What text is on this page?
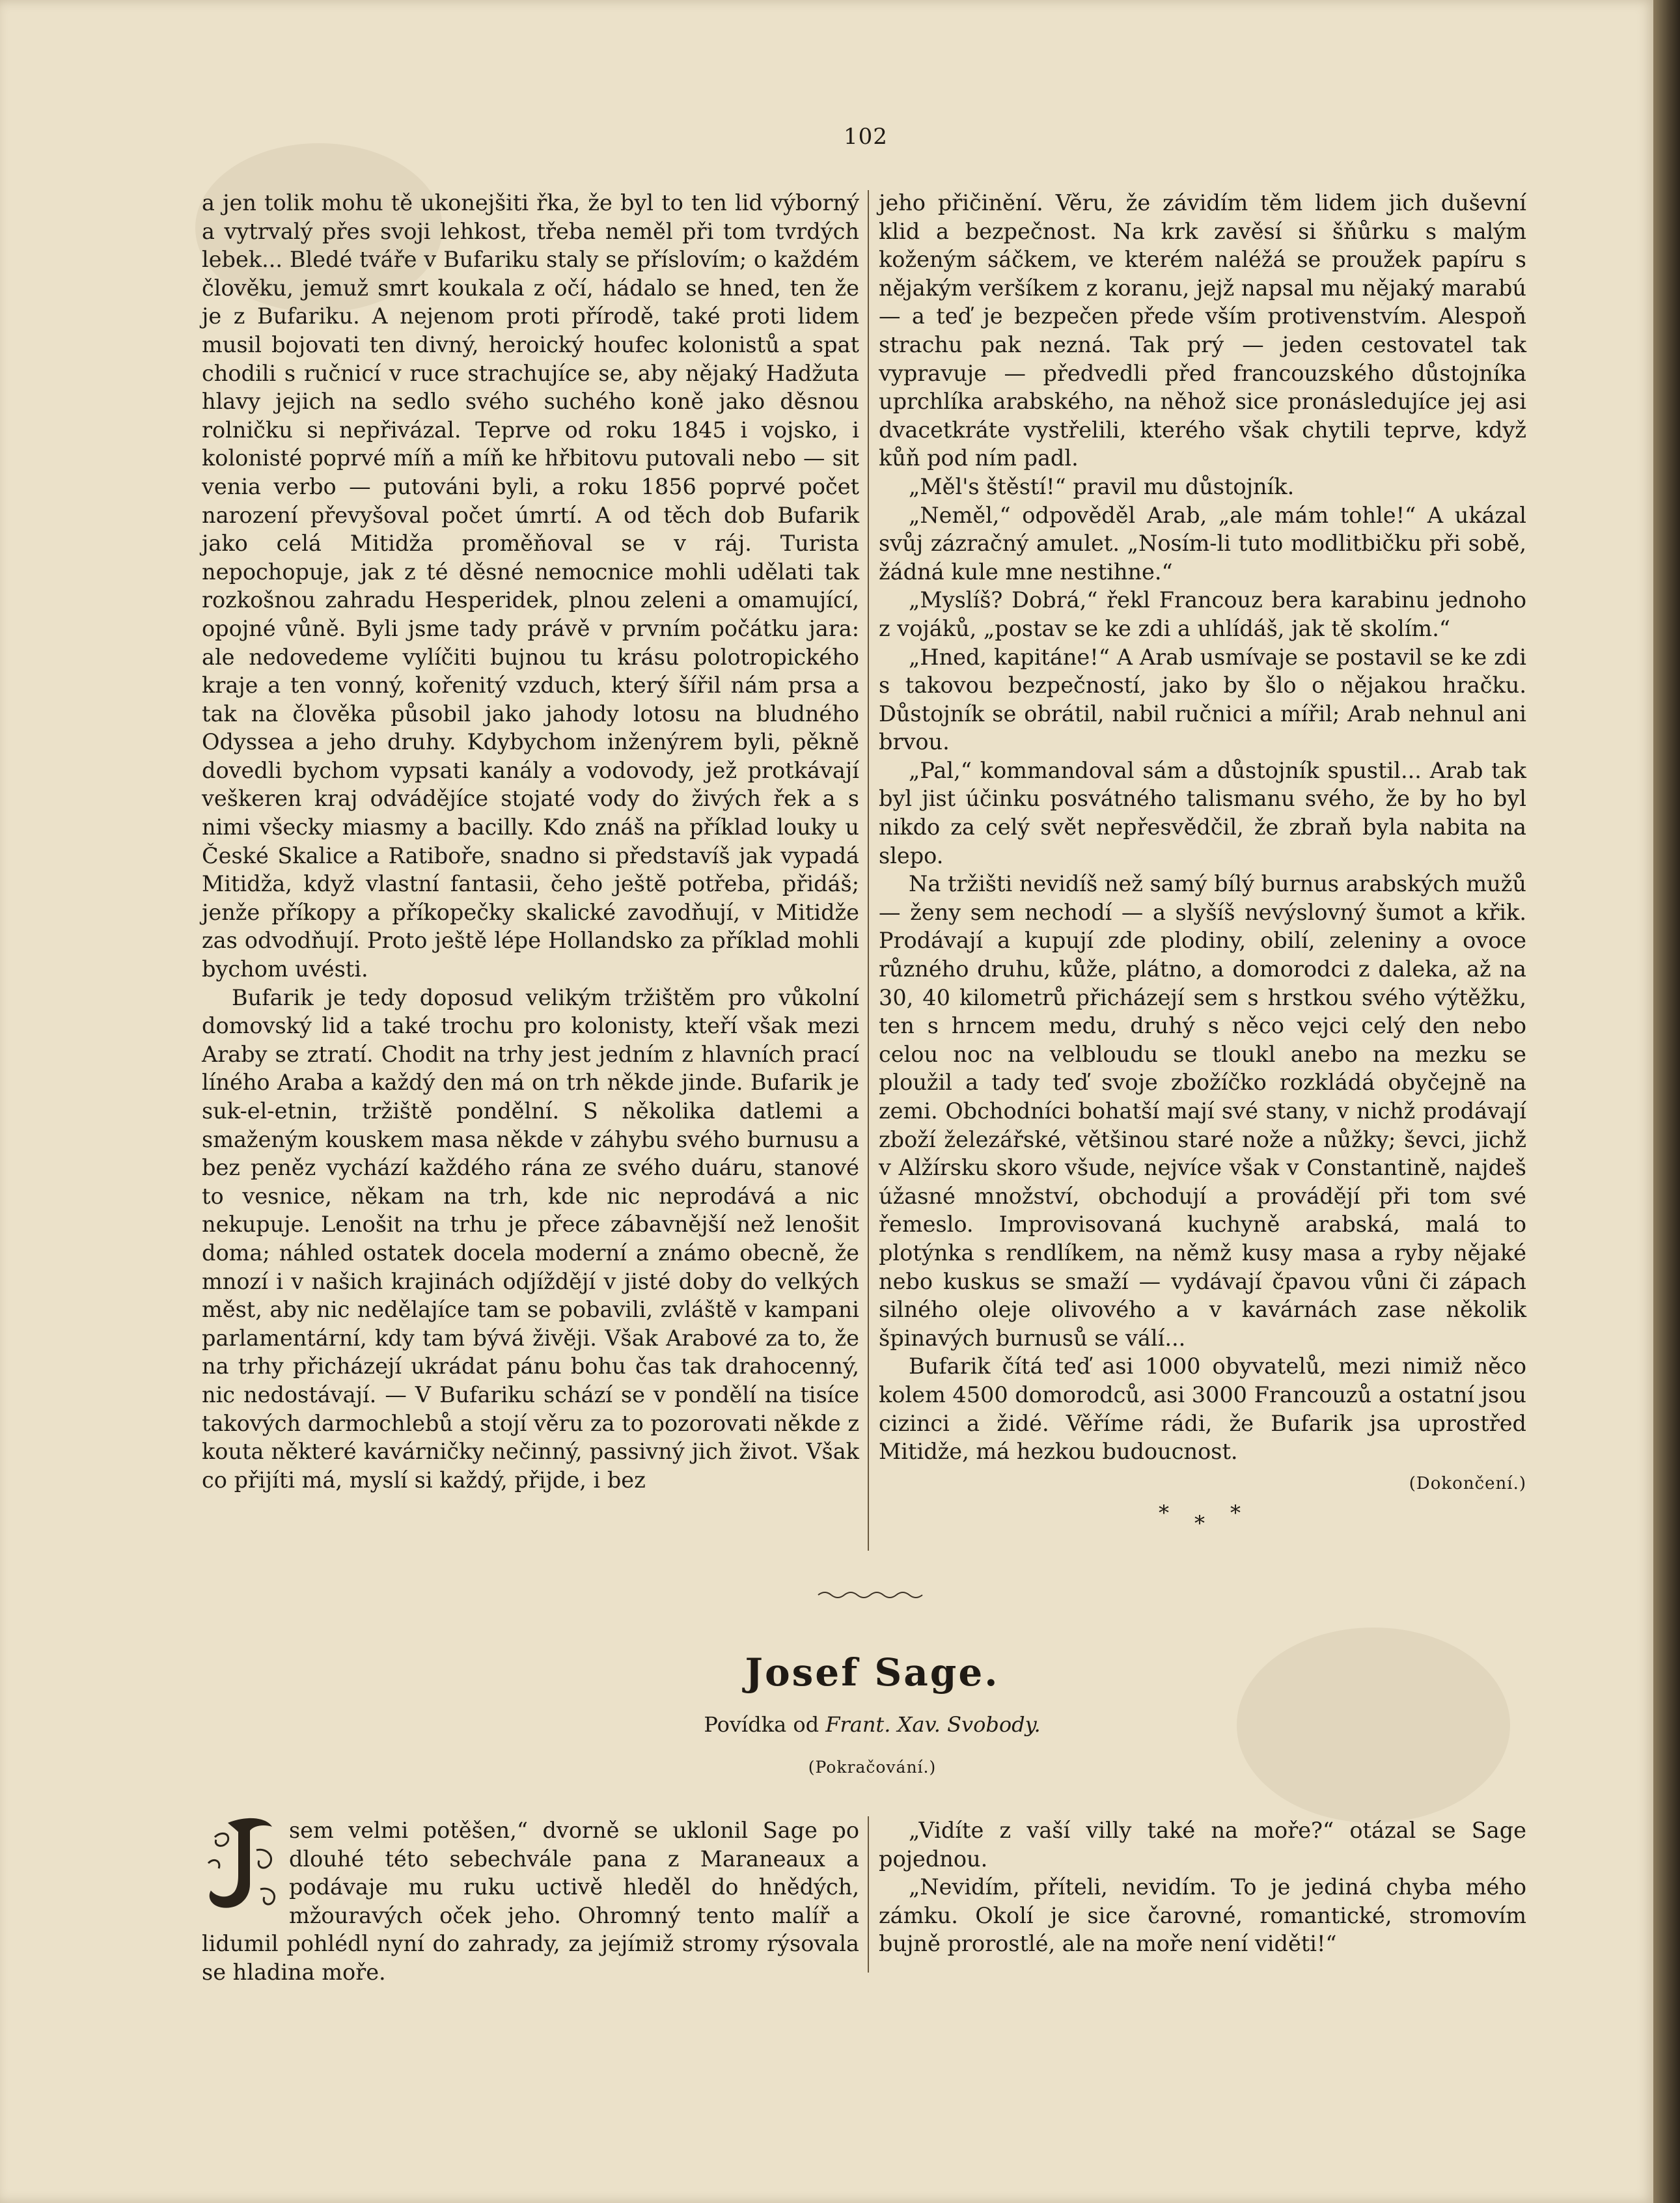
102

a jen tolik mohu tě ukonejšiti řka, že byl to ten lid výborný a vytrvalý přes svoji lehkost, třeba neměl při tom tvrdých lebek... Bledé tváře v Bufariku staly se příslovím; o každém člověku, jemuž smrt koukala z očí, hádalo se hned, ten že je z Bufariku. A nejenom proti přírodě, také proti lidem musil bojovati ten divný, heroický houfec kolonistů a spat chodili s ručnicí v ruce strachujíce se, aby nějaký Hadžuta hlavy jejich na sedlo svého suchého koně jako děsnou rolničku si nepřivázal. Teprve od roku 1845 i vojsko, i kolonisté poprvé míň a míň ke hřbitovu putovali nebo — sit venia verbo — putováni byli, a roku 1856 poprvé počet narození převyšoval počet úmrtí. A od těch dob Bufarik jako celá Mitidža proměňoval se v ráj. Turista nepochopuje, jak z té děsné nemocnice mohli udělati tak rozkošnou zahradu Hesperidek, plnou zeleni a omamující, opojné vůně. Byli jsme tady právě v prvním počátku jara: ale nedovedeme vylíčiti bujnou tu krásu polotropického kraje a ten vonný, kořenitý vzduch, který šířil nám prsa a tak na člověka působil jako jahody lotosu na bludného Odyssea a jeho druhy. Kdybychom inženýrem byli, pěkně dovedli bychom vypsati kanály a vodovody, jež protkávají veškeren kraj odvádějíce stojaté vody do živých řek a s nimi všecky miasmy a bacilly. Kdo znáš na příklad louky u České Skalice a Ratiboře, snadno si představíš jak vypadá Mitidža, když vlastní fantasii, čeho ještě potřeba, přidáš; jenže příkopy a příkopečky skalické zavodňují, v Mitidže zas odvodňují. Proto ještě lépe Hollandsko za příklad mohli bychom uvésti.

Bufarik je tedy doposud velikým tržištěm pro vůkolní domovský lid a také trochu pro kolonisty, kteří však mezi Araby se ztratí. Chodit na trhy jest jedním z hlavních prací líného Araba a každý den má on trh někde jinde. Bufarik je suk-el-etnin, tržiště pondělní. S několika datlemi a smaženým kouskem masa někde v záhybu svého burnusu a bez peněz vychází každého rána ze svého duáru, stanové to vesnice, někam na trh, kde nic neprodává a nic nekupuje. Lenošit na trhu je přece zábavnější než lenošit doma; náhled ostatek docela moderní a známo obecně, že mnozí i v našich krajinách odjíždějí v jisté doby do velkých měst, aby nic nedělajíce tam se pobavili, zvláště v kampani parlamentární, kdy tam bývá živěji. Však Arabové za to, že na trhy přicházejí ukrádat pánu bohu čas tak drahocenný, nic nedostávají. — V Bufariku schází se v pondělí na tisíce takových darmochlebů a stojí věru za to pozorovati někde z kouta některé kavárničky nečinný, passivný jich život. Však co přijíti má, myslí si každý, přijde, i bez

jeho přičinění. Věru, že závidím těm lidem jich duševní klid a bezpečnost. Na krk zavěsí si šňůrku s malým koženým sáčkem, ve kterém naléžá se proužek papíru s nějakým veršíkem z koranu, jejž napsal mu nějaký marabú — a teď je bezpečen přede vším protivenstvím. Alespoň strachu pak nezná. Tak prý — jeden cestovatel tak vypravuje — předvedli před francouzského důstojníka uprchlíka arabského, na něhož sice pronásledujíce jej asi dvacetkráte vystřelili, kterého však chytili teprve, když kůň pod ním padl.

„Měl's štěstí!“ pravil mu důstojník.

„Neměl,“ odpověděl Arab, „ale mám tohle!“ A ukázal svůj zázračný amulet. „Nosím-li tuto modlitbičku při sobě, žádná kule mne nestihne.“

„Myslíš? Dobrá,“ řekl Francouz bera karabinu jednoho z vojáků, „postav se ke zdi a uhlídáš, jak tě skolím.“

„Hned, kapitáne!“ A Arab usmívaje se postavil se ke zdi s takovou bezpečností, jako by šlo o nějakou hračku. Důstojník se obrátil, nabil ručnici a mířil; Arab nehnul ani brvou.

„Pal,“ kommandoval sám a důstojník spustil... Arab tak byl jist účinku posvátného talismanu svého, že by ho byl nikdo za celý svět nepřesvědčil, že zbraň byla nabita na slepo.

Na tržišti nevidíš než samý bílý burnus arabských mužů — ženy sem nechodí — a slyšíš nevýslovný šumot a křik. Prodávají a kupují zde plodiny, obilí, zeleniny a ovoce různého druhu, kůže, plátno, a domorodci z daleka, až na 30, 40 kilometrů přicházejí sem s hrstkou svého výtěžku, ten s hrncem medu, druhý s něco vejci celý den nebo celou noc na velbloudu se tloukl anebo na mezku se ploužil a tady teď svoje zbožíčko rozkládá obyčejně na zemi. Obchodníci bohatší mají své stany, v nichž prodávají zboží železářské, většinou staré nože a nůžky; ševci, jichž v Alžírsku skoro všude, nejvíce však v Constantině, najdeš úžasné množství, obchodují a provádějí při tom své řemeslo. Improvisovaná kuchyně arabská, malá to plotýnka s rendlíkem, na němž kusy masa a ryby nějaké nebo kuskus se smaží — vydávají čpavou vůni či zápach silného oleje olivového a v kavárnách zase několik špinavých burnusů se válí...

Bufarik čítá teď asi 1000 obyvatelů, mezi nimiž něco kolem 4500 domorodců, asi 3000 Francouzů a ostatní jsou cizinci a židé. Věříme rádi, že Bufarik jsa uprostřed Mitidže, má hezkou budoucnost.

(Dokončení.)
* * *
Josef Sage.
Povídka od Frant. Xav. Svobody.
(Pokračování.)

sem velmi potěšen,“ dvorně se uklonil Sage po dlouhé této sebechvále pana z Maraneaux a podávaje mu ruku uctivě hleděl do hnědých, mžouravých oček jeho. Ohromný tento malíř a lidumil pohlédl nyní do zahrady, za jejímiž stromy rýsovala se hladina moře.

„Vidíte z vaší villy také na moře?“ otázal se Sage pojednou.

„Nevidím, příteli, nevidím. To je jediná chyba mého zámku. Okolí je sice čarovné, romantické, stromovím bujně prorostlé, ale na moře není viděti!“
